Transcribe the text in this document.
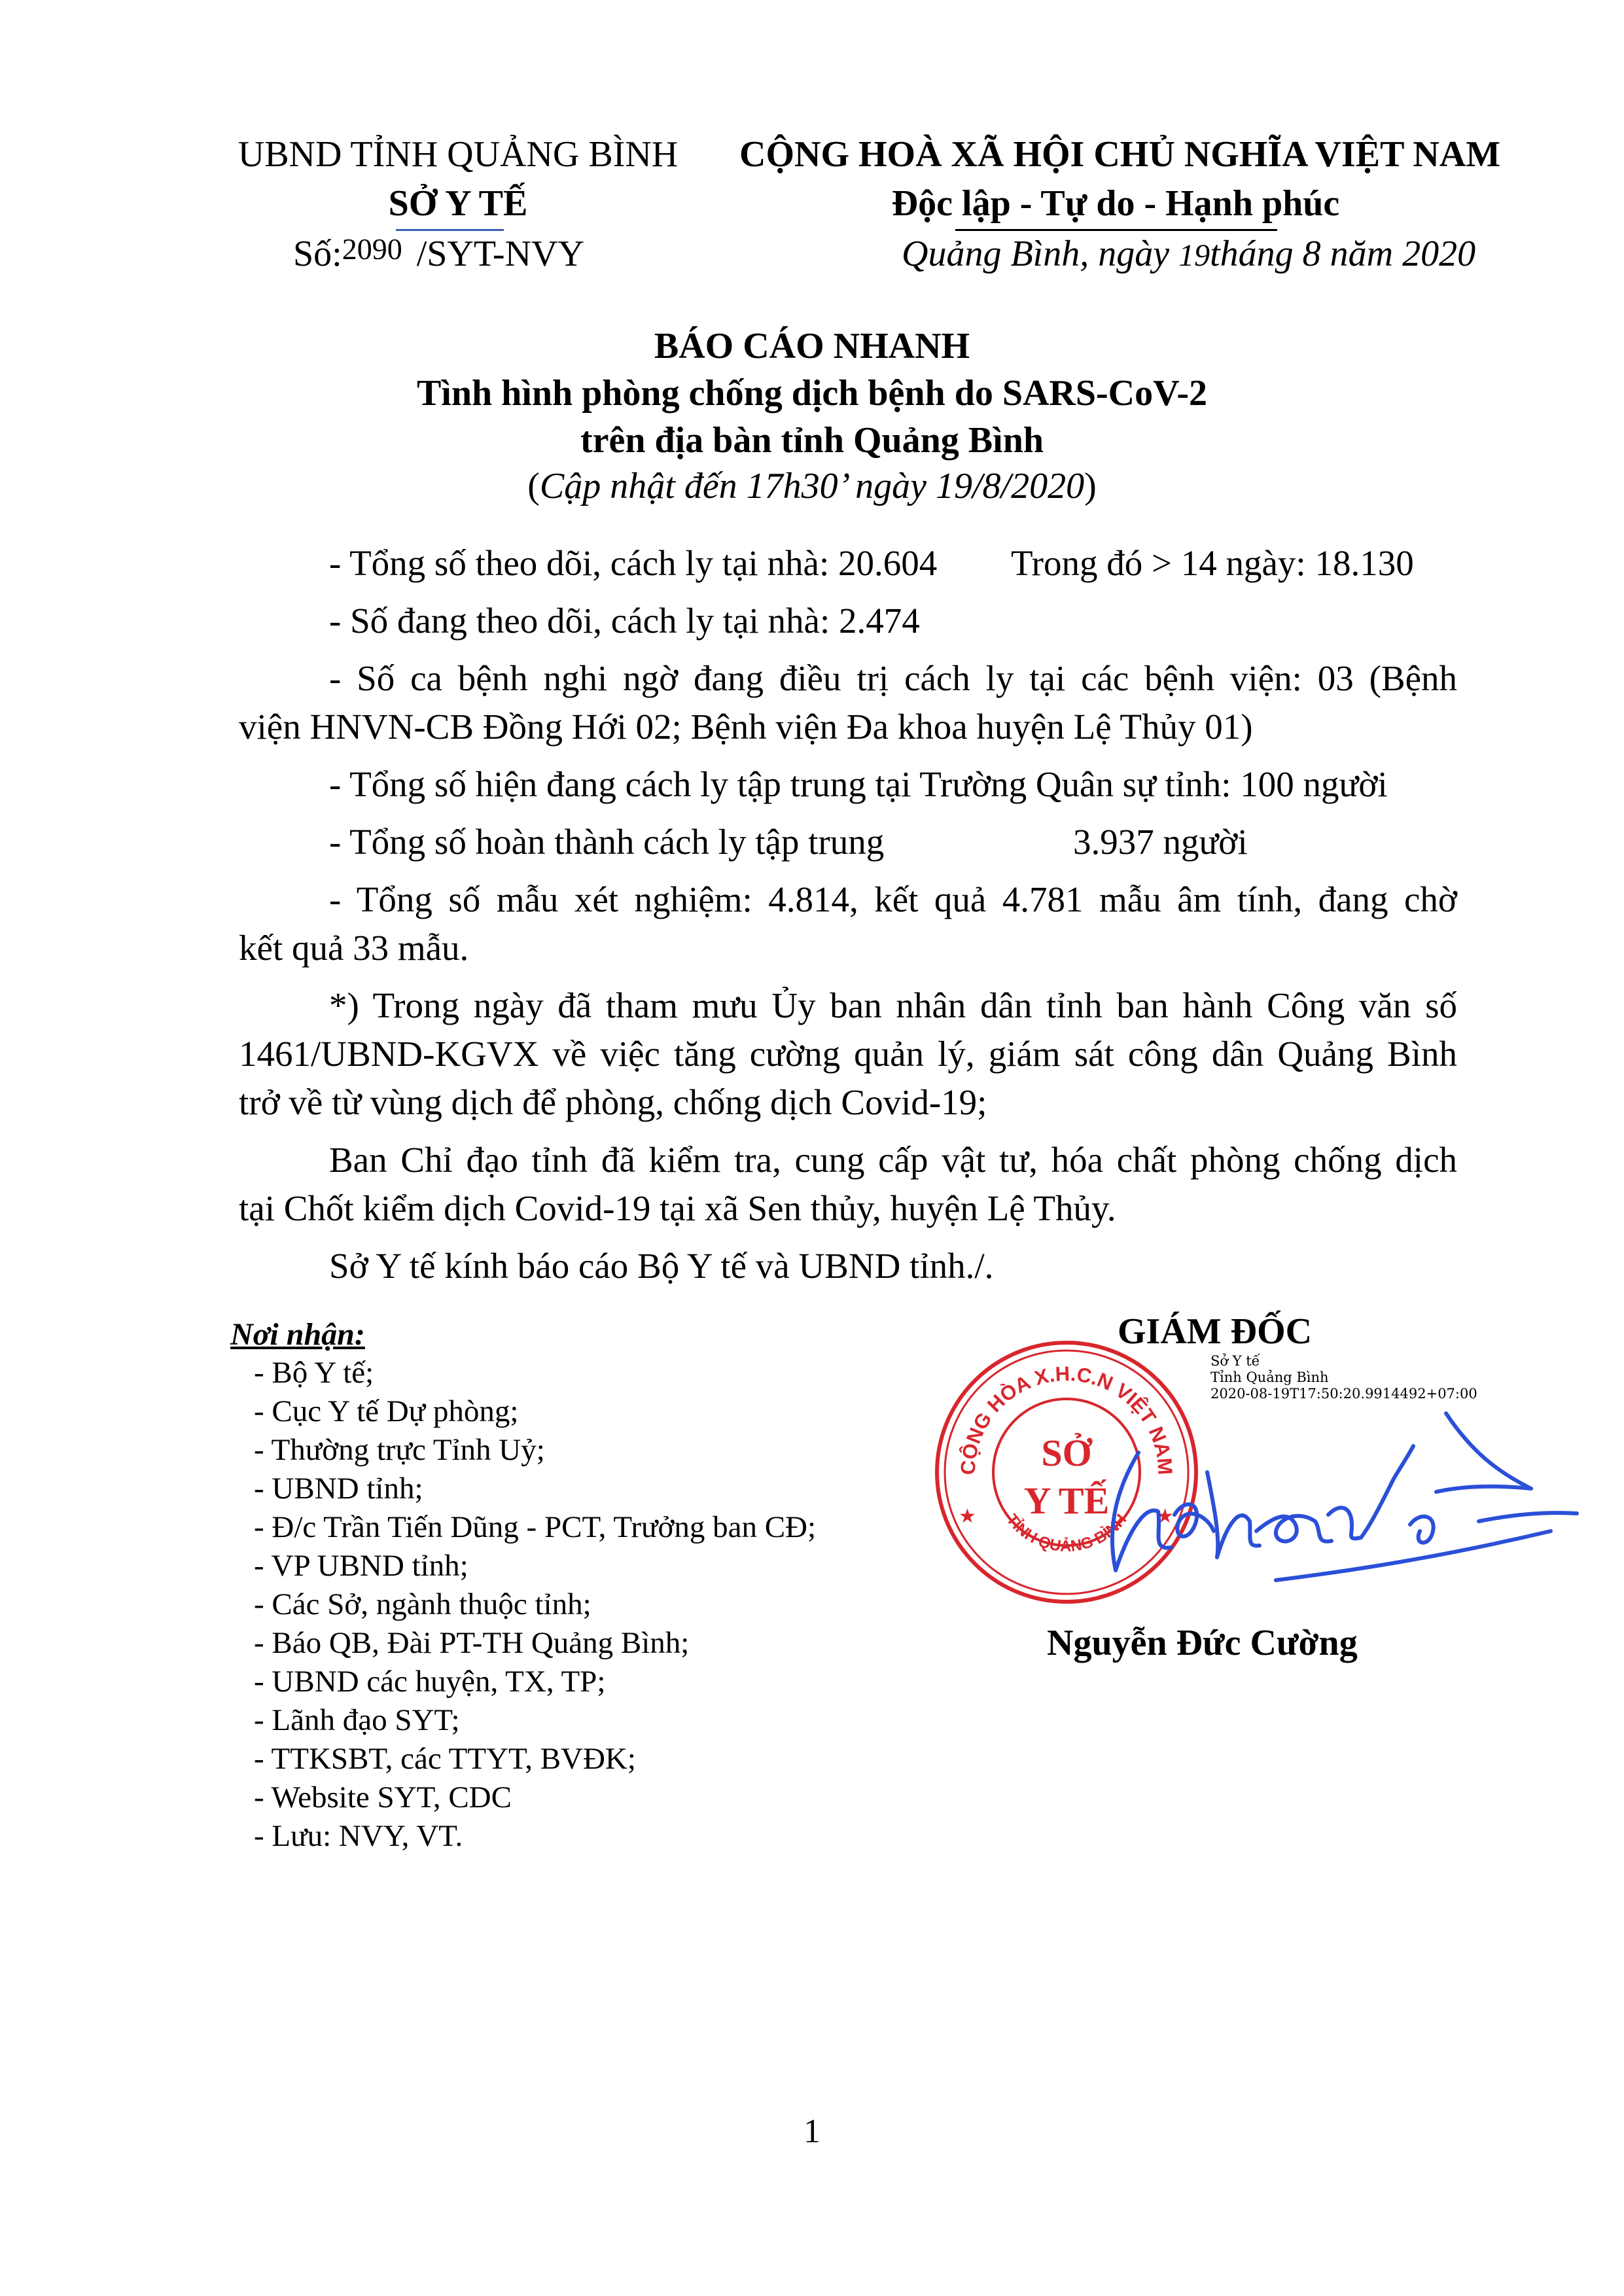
UBND TỈNH QUẢNG BÌNH
SỞ Y TẾ
Số:2090 /SYT-NVY
CỘNG HOÀ XÃ HỘI CHỦ NGHĨA VIỆT NAM
Độc lập - Tự do - Hạnh phúc
Quảng Bình, ngày 19tháng 8 năm 2020
BÁO CÁO NHANH
Tình hình phòng chống dịch bệnh do SARS-CoV-2
trên địa bàn tỉnh Quảng Bình
(Cập nhật đến 17h30’ ngày 19/8/2020)
- Tổng số theo dõi, cách ly tại nhà: 20.604 Trong đó > 14 ngày: 18.130
- Số đang theo dõi, cách ly tại nhà: 2.474
- Số ca bệnh nghi ngờ đang điều trị cách ly tại các bệnh viện: 03 (Bệnh
viện HNVN-CB Đồng Hới 02; Bệnh viện Đa khoa huyện Lệ Thủy 01)
- Tổng số hiện đang cách ly tập trung tại Trường Quân sự tỉnh: 100 người
- Tổng số hoàn thành cách ly tập trung	3.937 người
- Tổng số mẫu xét nghiệm: 4.814, kết quả 4.781 mẫu âm tính, đang chờ
kết quả 33 mẫu.
*) Trong ngày đã tham mưu Ủy ban nhân dân tỉnh ban hành Công văn số
1461/UBND-KGVX về việc tăng cường quản lý, giám sát công dân Quảng Bình
trở về từ vùng dịch để phòng, chống dịch Covid-19;
Ban Chỉ đạo tỉnh đã kiểm tra, cung cấp vật tư, hóa chất phòng chống dịch
tại Chốt kiểm dịch Covid-19 tại xã Sen thủy, huyện Lệ Thủy.
Sở Y tế kính báo cáo Bộ Y tế và UBND tỉnh./.
Nơi nhận:
- Bộ Y tế;
- Cục Y tế Dự phòng;
- Thường trực Tỉnh Uỷ;
- UBND tỉnh;
- Đ/c Trần Tiến Dũng - PCT, Trưởng ban CĐ;
- VP UBND tỉnh;
- Các Sở, ngành thuộc tỉnh;
- Báo QB, Đài PT-TH Quảng Bình;
- UBND các huyện, TX, TP;
- Lãnh đạo SYT;
- TTKSBT, các TTYT, BVĐK;
- Website SYT, CDC
- Lưu: NVY, VT.
GIÁM ĐỐC
Sở Y tế
Tỉnh Quảng Bình
2020-08-19T17:50:20.9914492+07:00
CỘNG HÒA X.H.C.N VIỆT NAM
TỈNH QUẢNG BÌNH
★	★
SỞ
Y TẾ
Nguyễn Đức Cường
1
